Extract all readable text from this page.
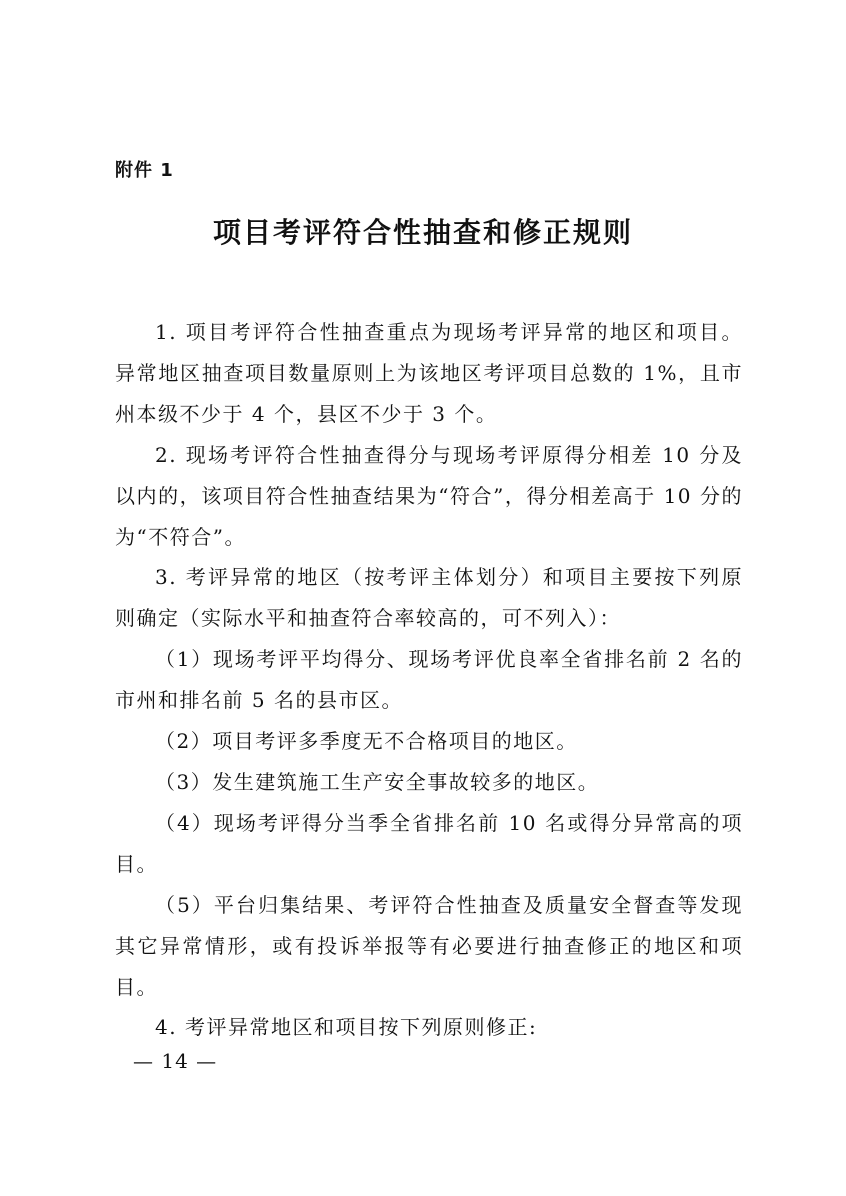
附件 1
项目考评符合性抽查和修正规则

1. 项目考评符合性抽查重点为现场考评异常的地区和项目。异常地区抽查项目数量原则上为该地区考评项目总数的 1%，且市州本级不少于 4 个，县区不少于 3 个。

2. 现场考评符合性抽查得分与现场考评原得分相差 10 分及以内的，该项目符合性抽查结果为“符合”，得分相差高于 10 分的为“不符合”。

3. 考评异常的地区（按考评主体划分）和项目主要按下列原则确定（实际水平和抽查符合率较高的，可不列入）：

（1）现场考评平均得分、现场考评优良率全省排名前 2 名的市州和排名前 5 名的县市区。

（2）项目考评多季度无不合格项目的地区。

（3）发生建筑施工生产安全事故较多的地区。

（4）现场考评得分当季全省排名前 10 名或得分异常高的项目。

（5）平台归集结果、考评符合性抽查及质量安全督查等发现其它异常情形，或有投诉举报等有必要进行抽查修正的地区和项目。

4. 考评异常地区和项目按下列原则修正:

— 14 —
